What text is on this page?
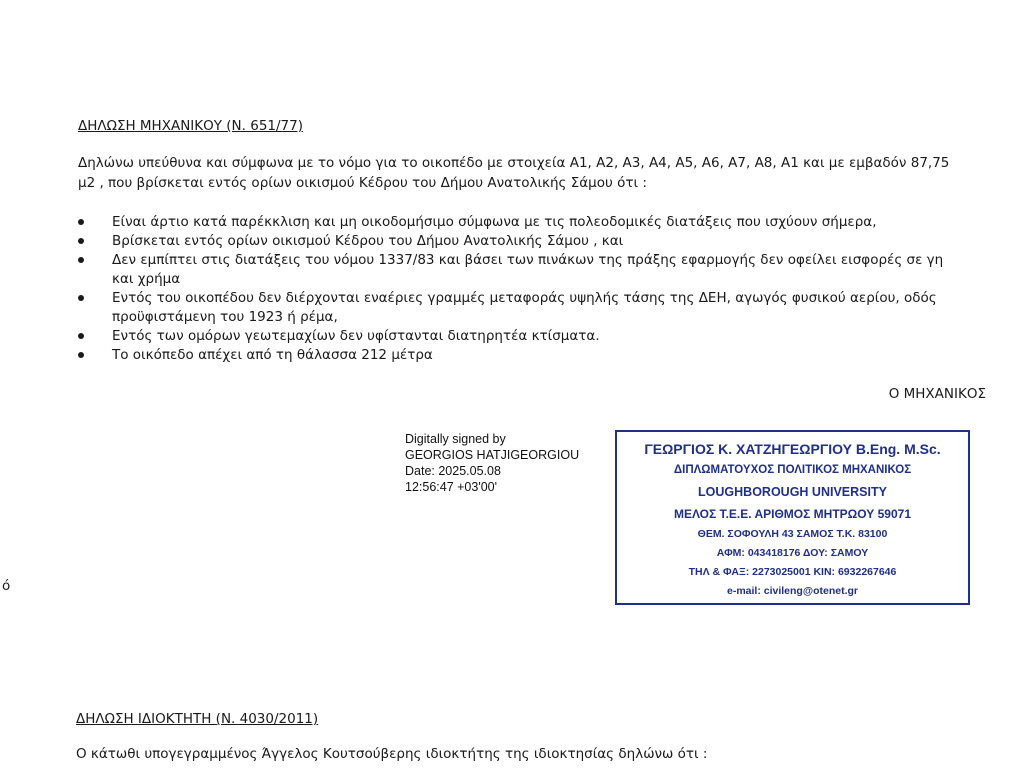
ΔΗΛΩΣΗ ΜΗΧΑΝΙΚΟΥ (Ν. 651/77)
Δηλώνω υπεύθυνα και σύμφωνα με το νόμο για το οικοπέδο με στοιχεία Α1, Α2, Α3, Α4, Α5, Α6, Α7, Α8, Α1 και με εμβαδόν 87,75
μ2 , που βρίσκεται εντός ορίων οικισμού Κέδρου του Δήμου Ανατολικής Σάμου ότι :
Είναι άρτιο κατά παρέκκλιση και μη οικοδομήσιμο σύμφωνα με τις πολεοδομικές διατάξεις που ισχύουν σήμερα,
Βρίσκεται εντός ορίων οικισμού Κέδρου του Δήμου Ανατολικής Σάμου , και
Δεν εμπίπτει στις διατάξεις του νόμου 1337/83 και βάσει των πινάκων της πράξης εφαρμογής δεν οφείλει εισφορές σε γη
και χρήμα
Εντός του οικοπέδου δεν διέρχονται εναέριες γραμμές μεταφοράς υψηλής τάσης της ΔΕΗ, αγωγός φυσικού αερίου, οδός
προϋφιστάμενη του 1923 ή ρέμα,
Εντός των ομόρων γεωτεμαχίων δεν υφίστανται διατηρητέα κτίσματα.
Το οικόπεδο απέχει από τη θάλασσα 212 μέτρα
Ο ΜΗΧΑΝΙΚΟΣ
Digitally signed by
GEORGIOS HATJIGEORGIOU
Date: 2025.05.08
12:56:47 +03'00'
ΓΕΩΡΓΙΟΣ Κ. ΧΑΤΖΗΓΕΩΡΓΙΟΥ B.Eng. M.Sc.
ΔΙΠΛΩΜΑΤΟΥΧΟΣ ΠΟΛΙΤΙΚΟΣ ΜΗΧΑΝΙΚΟΣ
LOUGHBOROUGH UNIVERSITY
ΜΕΛΟΣ Τ.Ε.Ε. ΑΡΙΘΜΟΣ ΜΗΤΡΩΟΥ 59071
ΘΕΜ. ΣΟΦΟΥΛΗ 43 ΣΑΜΟΣ Τ.Κ. 83100
ΑΦΜ: 043418176 ΔΟΥ: ΣΑΜΟΥ
ΤΗΛ & ΦΑΞ: 2273025001 ΚΙΝ: 6932267646
e-mail: civileng@otenet.gr
ό
ΔΗΛΩΣΗ ΙΔΙΟΚΤΗΤΗ (Ν. 4030/2011)
Ο κάτωθι υπογεγραμμένος Άγγελος Κουτσούβερης ιδιοκτήτης της ιδιοκτησίας δηλώνω ότι :
